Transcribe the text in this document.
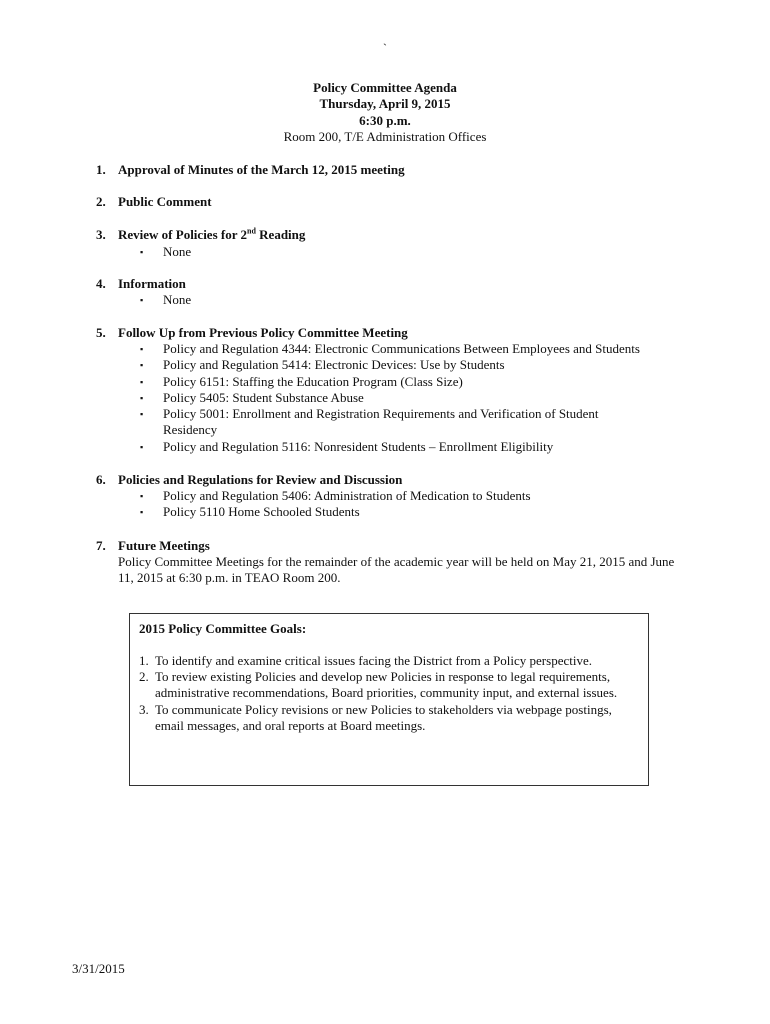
`
Policy Committee Agenda
Thursday, April 9, 2015
6:30 p.m.
Room 200, T/E Administration Offices
1. Approval of Minutes of the March 12, 2015 meeting
2. Public Comment
3. Review of Policies for 2nd Reading
▪ None
4. Information
▪ None
5. Follow Up from Previous Policy Committee Meeting
▪ Policy and Regulation 4344: Electronic Communications Between Employees and Students
▪ Policy and Regulation 5414: Electronic Devices: Use by Students
▪ Policy 6151: Staffing the Education Program (Class Size)
▪ Policy 5405: Student Substance Abuse
▪ Policy 5001: Enrollment and Registration Requirements and Verification of Student Residency
▪ Policy and Regulation 5116: Nonresident Students – Enrollment Eligibility
6. Policies and Regulations for Review and Discussion
▪ Policy and Regulation 5406: Administration of Medication to Students
▪ Policy 5110 Home Schooled Students
7. Future Meetings
Policy Committee Meetings for the remainder of the academic year will be held on May 21, 2015 and June 11, 2015 at 6:30 p.m. in TEAO Room 200.
2015 Policy Committee Goals:
1. To identify and examine critical issues facing the District from a Policy perspective.
2. To review existing Policies and develop new Policies in response to legal requirements, administrative recommendations, Board priorities, community input, and external issues.
3. To communicate Policy revisions or new Policies to stakeholders via webpage postings, email messages, and oral reports at Board meetings.
3/31/2015
